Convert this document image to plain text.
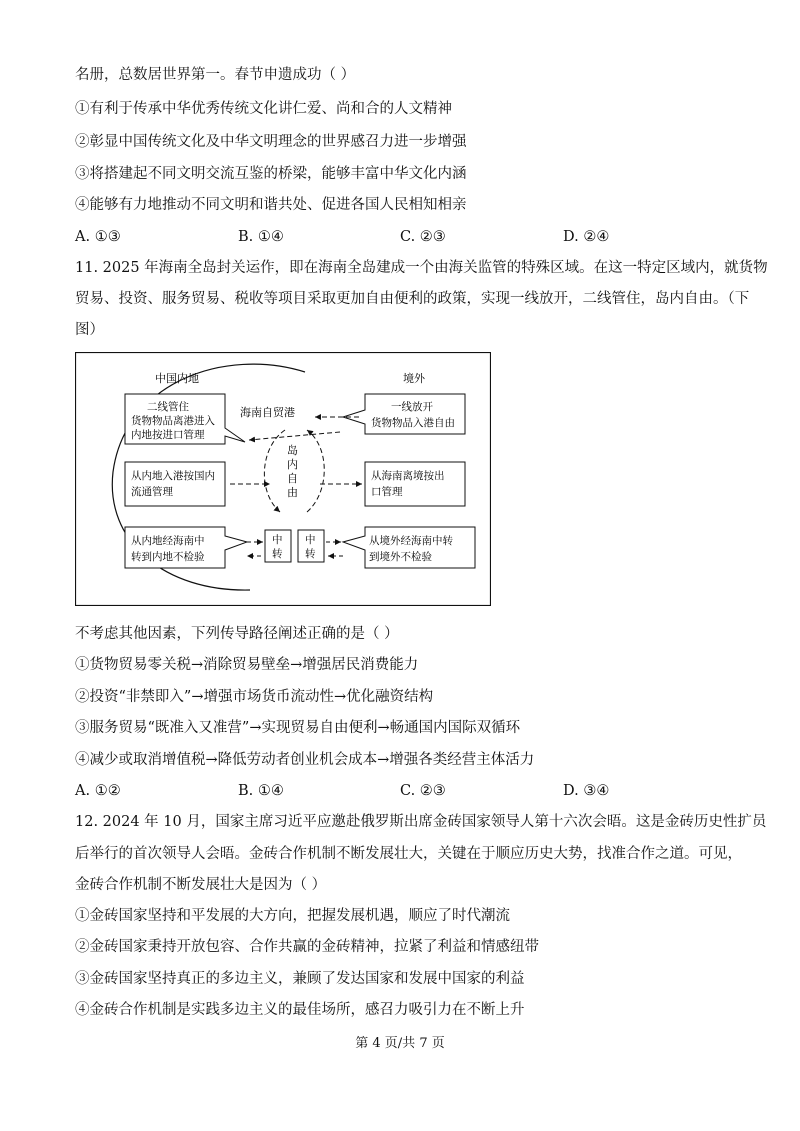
名册，总数居世界第一。春节申遗成功（ ）
①有利于传承中华优秀传统文化讲仁爱、尚和合的人文精神
②彰显中国传统文化及中华文明理念的世界感召力进一步增强
③将搭建起不同文明交流互鉴的桥梁，能够丰富中华文化内涵
④能够有力地推动不同文明和谐共处、促进各国人民相知相亲
A. ①③	B. ①④	C. ②③	D. ②④
11. 2025 年海南全岛封关运作，即在海南全岛建成一个由海关监管的特殊区域。在这一特定区域内，就货物
贸易、投资、服务贸易、税收等项目采取更加自由便利的政策，实现一线放开，二线管住，岛内自由。（下
图）
中国内地	境外
海南自贸港
岛
内
自
由
二线管住
货物物品离港进入
内地按进口管理
从内地入港按国内
流通管理
从内地经海南中
转到内地不检验
一线放开
货物物品入港自由
从海南离境按出
口管理
从境外经海南中转
到境外不检验
中
转
中
转
不考虑其他因素，下列传导路径阐述正确的是（ ）
①货物贸易零关税→消除贸易壁垒→增强居民消费能力
②投资“非禁即入”→增强市场货币流动性→优化融资结构
③服务贸易“既准入又准营”→实现贸易自由便利→畅通国内国际双循环
④减少或取消增值税→降低劳动者创业机会成本→增强各类经营主体活力
A. ①②	B. ①④	C. ②③	D. ③④
12. 2024 年 10 月，国家主席习近平应邀赴俄罗斯出席金砖国家领导人第十六次会晤。这是金砖历史性扩员
后举行的首次领导人会晤。金砖合作机制不断发展壮大，关键在于顺应历史大势，找准合作之道。可见，
金砖合作机制不断发展壮大是因为（ ）
①金砖国家坚持和平发展的大方向，把握发展机遇，顺应了时代潮流
②金砖国家秉持开放包容、合作共赢的金砖精神，拉紧了利益和情感纽带
③金砖国家坚持真正的多边主义，兼顾了发达国家和发展中国家的利益
④金砖合作机制是实践多边主义的最佳场所，感召力吸引力在不断上升
第 4 页/共 7 页
